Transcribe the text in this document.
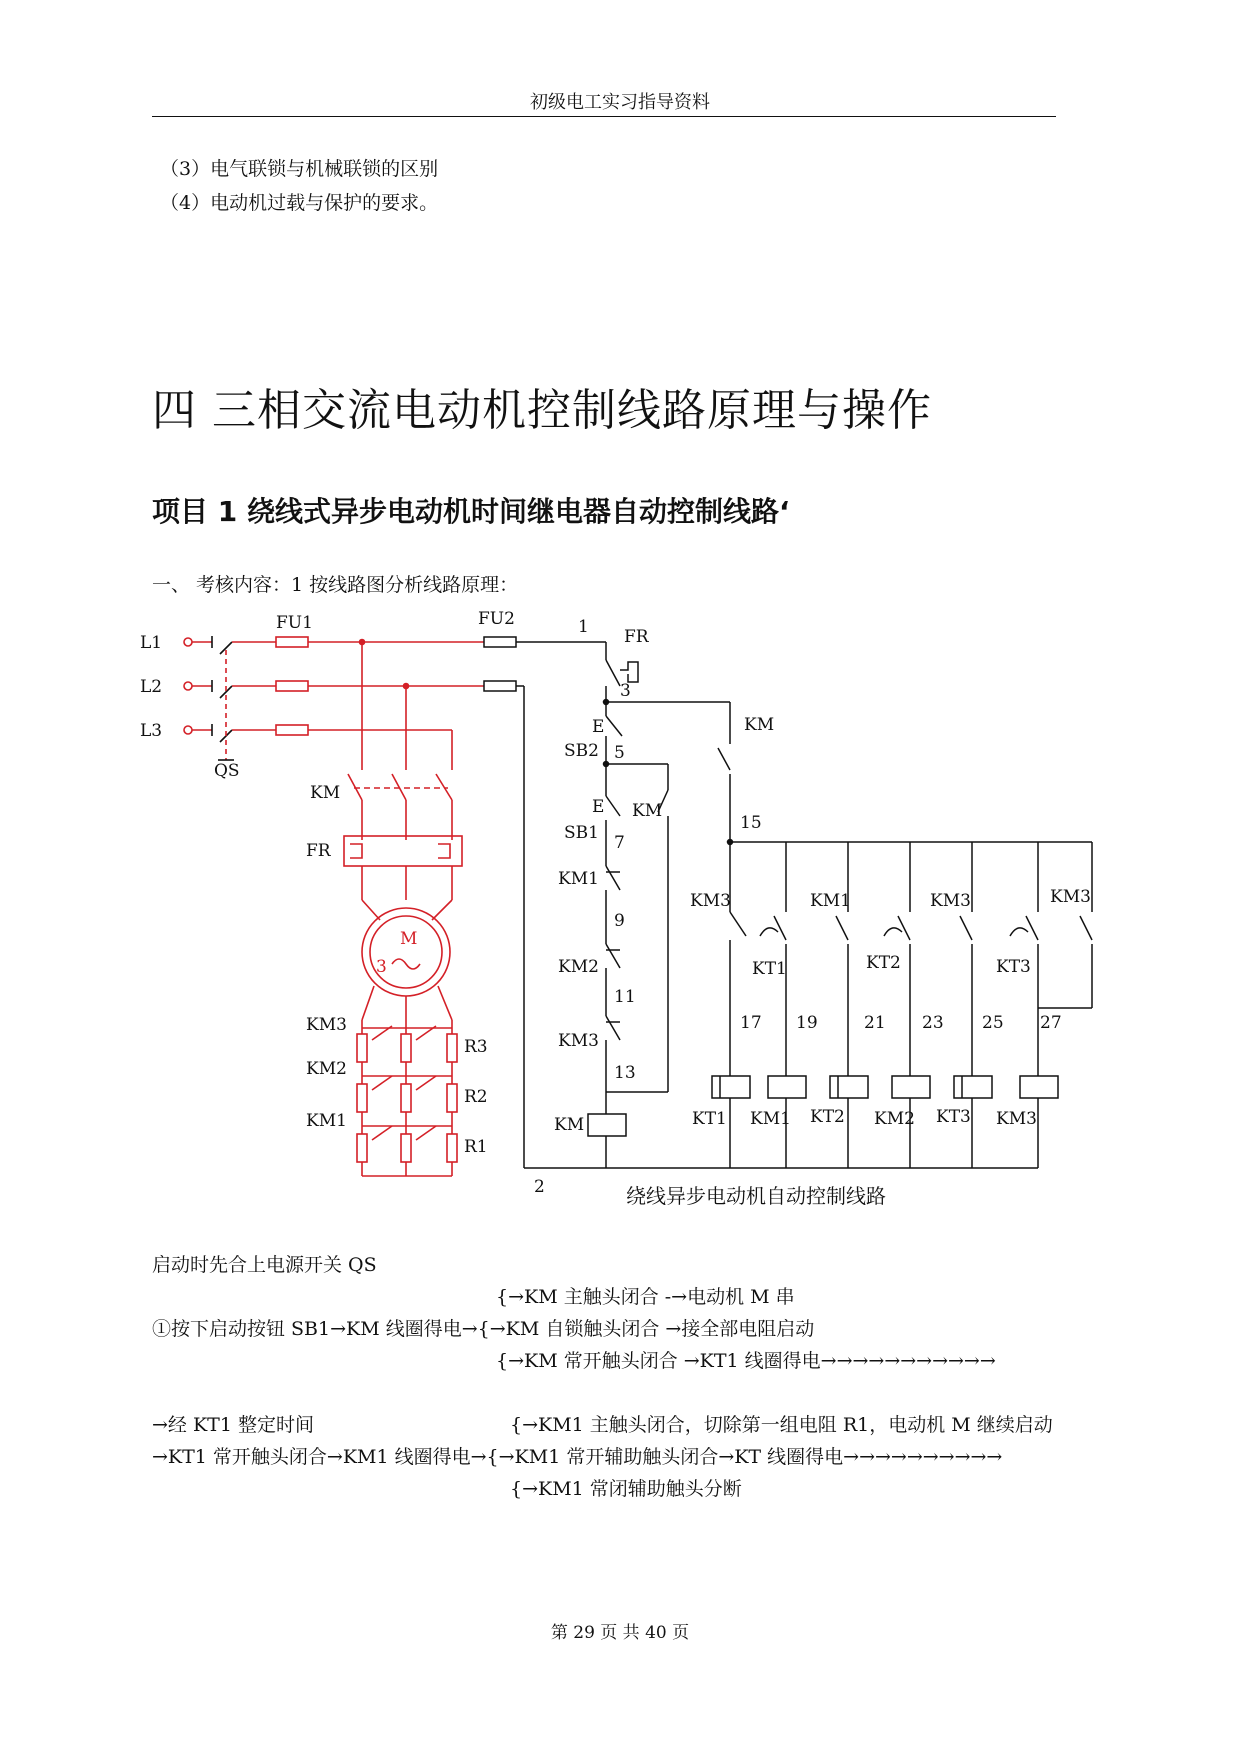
初级电工实习指导资料
（3）电气联锁与机械联锁的区别
（4）电动机过载与保护的要求。
四 三相交流电动机控制线路原理与操作
项目 1 绕线式异步电动机时间继电器自动控制线路‘
一、 考核内容：1 按线路图分析线路原理：
L1
L2
L3
QS
FU1	FU2
KM
FR
M
3
KM3
KM2
KM1
R3
R2
R1
1
2
3
5
7
9
11
13
15
17 19	21 23 25 27
FR
E
SB2
E
SB1
KM
KM
KM1
KM2
KM3
KM
KM3	KM1	KM3	KM3
KT1	KT2	KT3
KT1 KM1 KT2 KM2 KT3 KM3
绕线异步电动机自动控制线路
启动时先合上电源开关 QS
{→KM 主触头闭合 -→电动机 M 串
①按下启动按钮 SB1→KM 线圈得电→{→KM 自锁触头闭合 →接全部电阻启动
{→KM 常开触头闭合 →KT1 线圈得电→→→→→→→→→→→
→经 KT1 整定时间	{→KM1 主触头闭合，切除第一组电阻 R1，电动机 M 继续启动
→KT1 常开触头闭合→KM1 线圈得电→{→KM1 常开辅助触头闭合→KT 线圈得电→→→→→→→→→→
{→KM1 常闭辅助触头分断
第 29 页 共 40 页
